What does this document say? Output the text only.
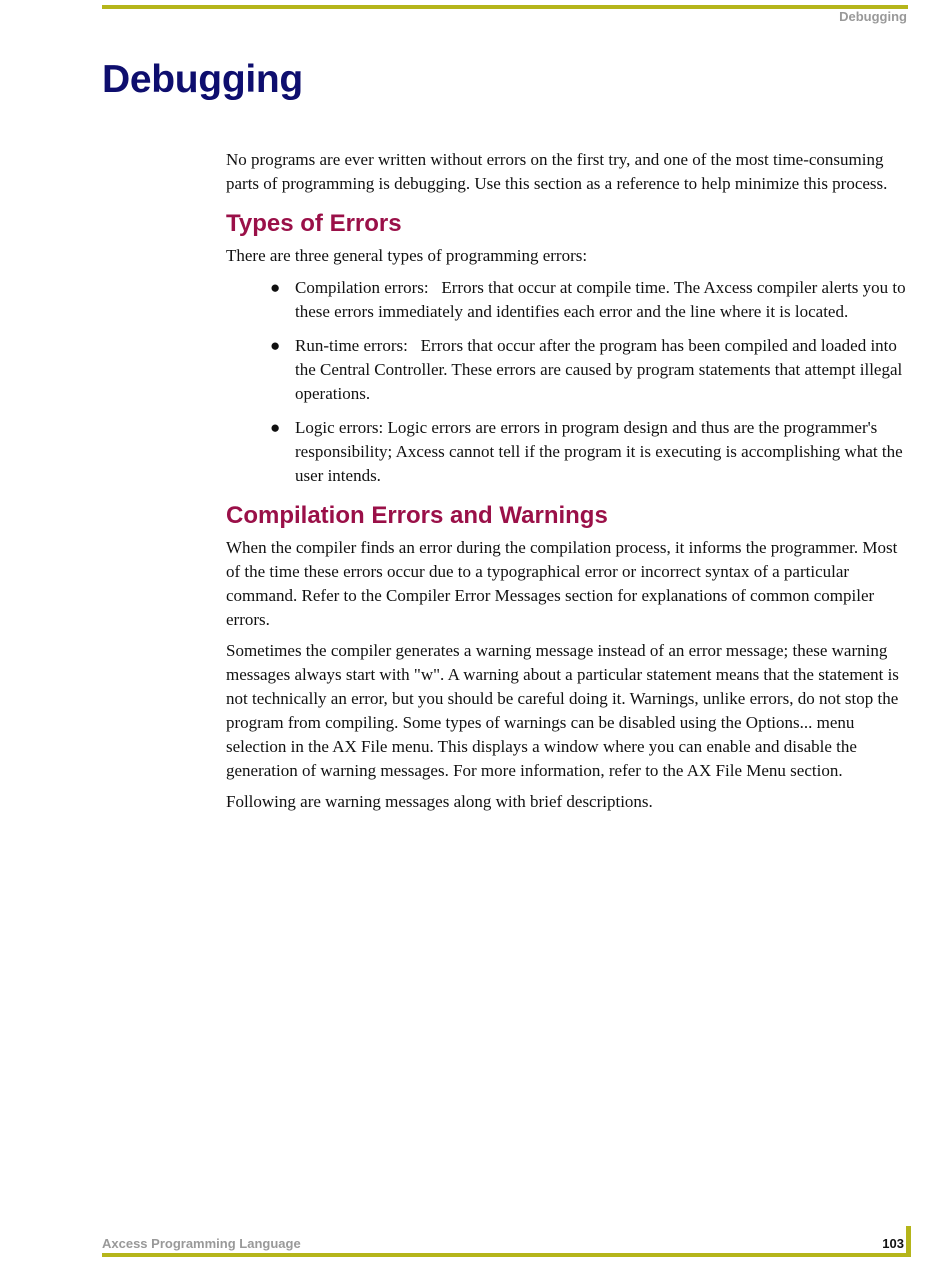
Debugging
Debugging

No programs are ever written without errors on the first try, and one of the most time-consuming parts of programming is debugging. Use this section as a reference to help minimize this process.

Types of Errors

There are three general types of programming errors:

● Compilation errors: Errors that occur at compile time. The Axcess compiler alerts you to these errors immediately and identifies each error and the line where it is located.
● Run-time errors: Errors that occur after the program has been compiled and loaded into the Central Controller. These errors are caused by program statements that attempt illegal operations.
● Logic errors: Logic errors are errors in program design and thus are the programmer's responsibility; Axcess cannot tell if the program it is executing is accomplishing what the user intends.
Compilation Errors and Warnings

When the compiler finds an error during the compilation process, it informs the programmer. Most of the time these errors occur due to a typographical error or incorrect syntax of a particular command. Refer to the Compiler Error Messages section for explanations of common compiler errors.

Sometimes the compiler generates a warning message instead of an error message; these warning messages always start with "w". A warning about a particular statement means that the statement is not technically an error, but you should be careful doing it. Warnings, unlike errors, do not stop the program from compiling. Some types of warnings can be disabled using the Options... menu selection in the AX File menu. This displays a window where you can enable and disable the generation of warning messages. For more information, refer to the AX File Menu section.

Following are warning messages along with brief descriptions.

Axcess Programming Language	103
